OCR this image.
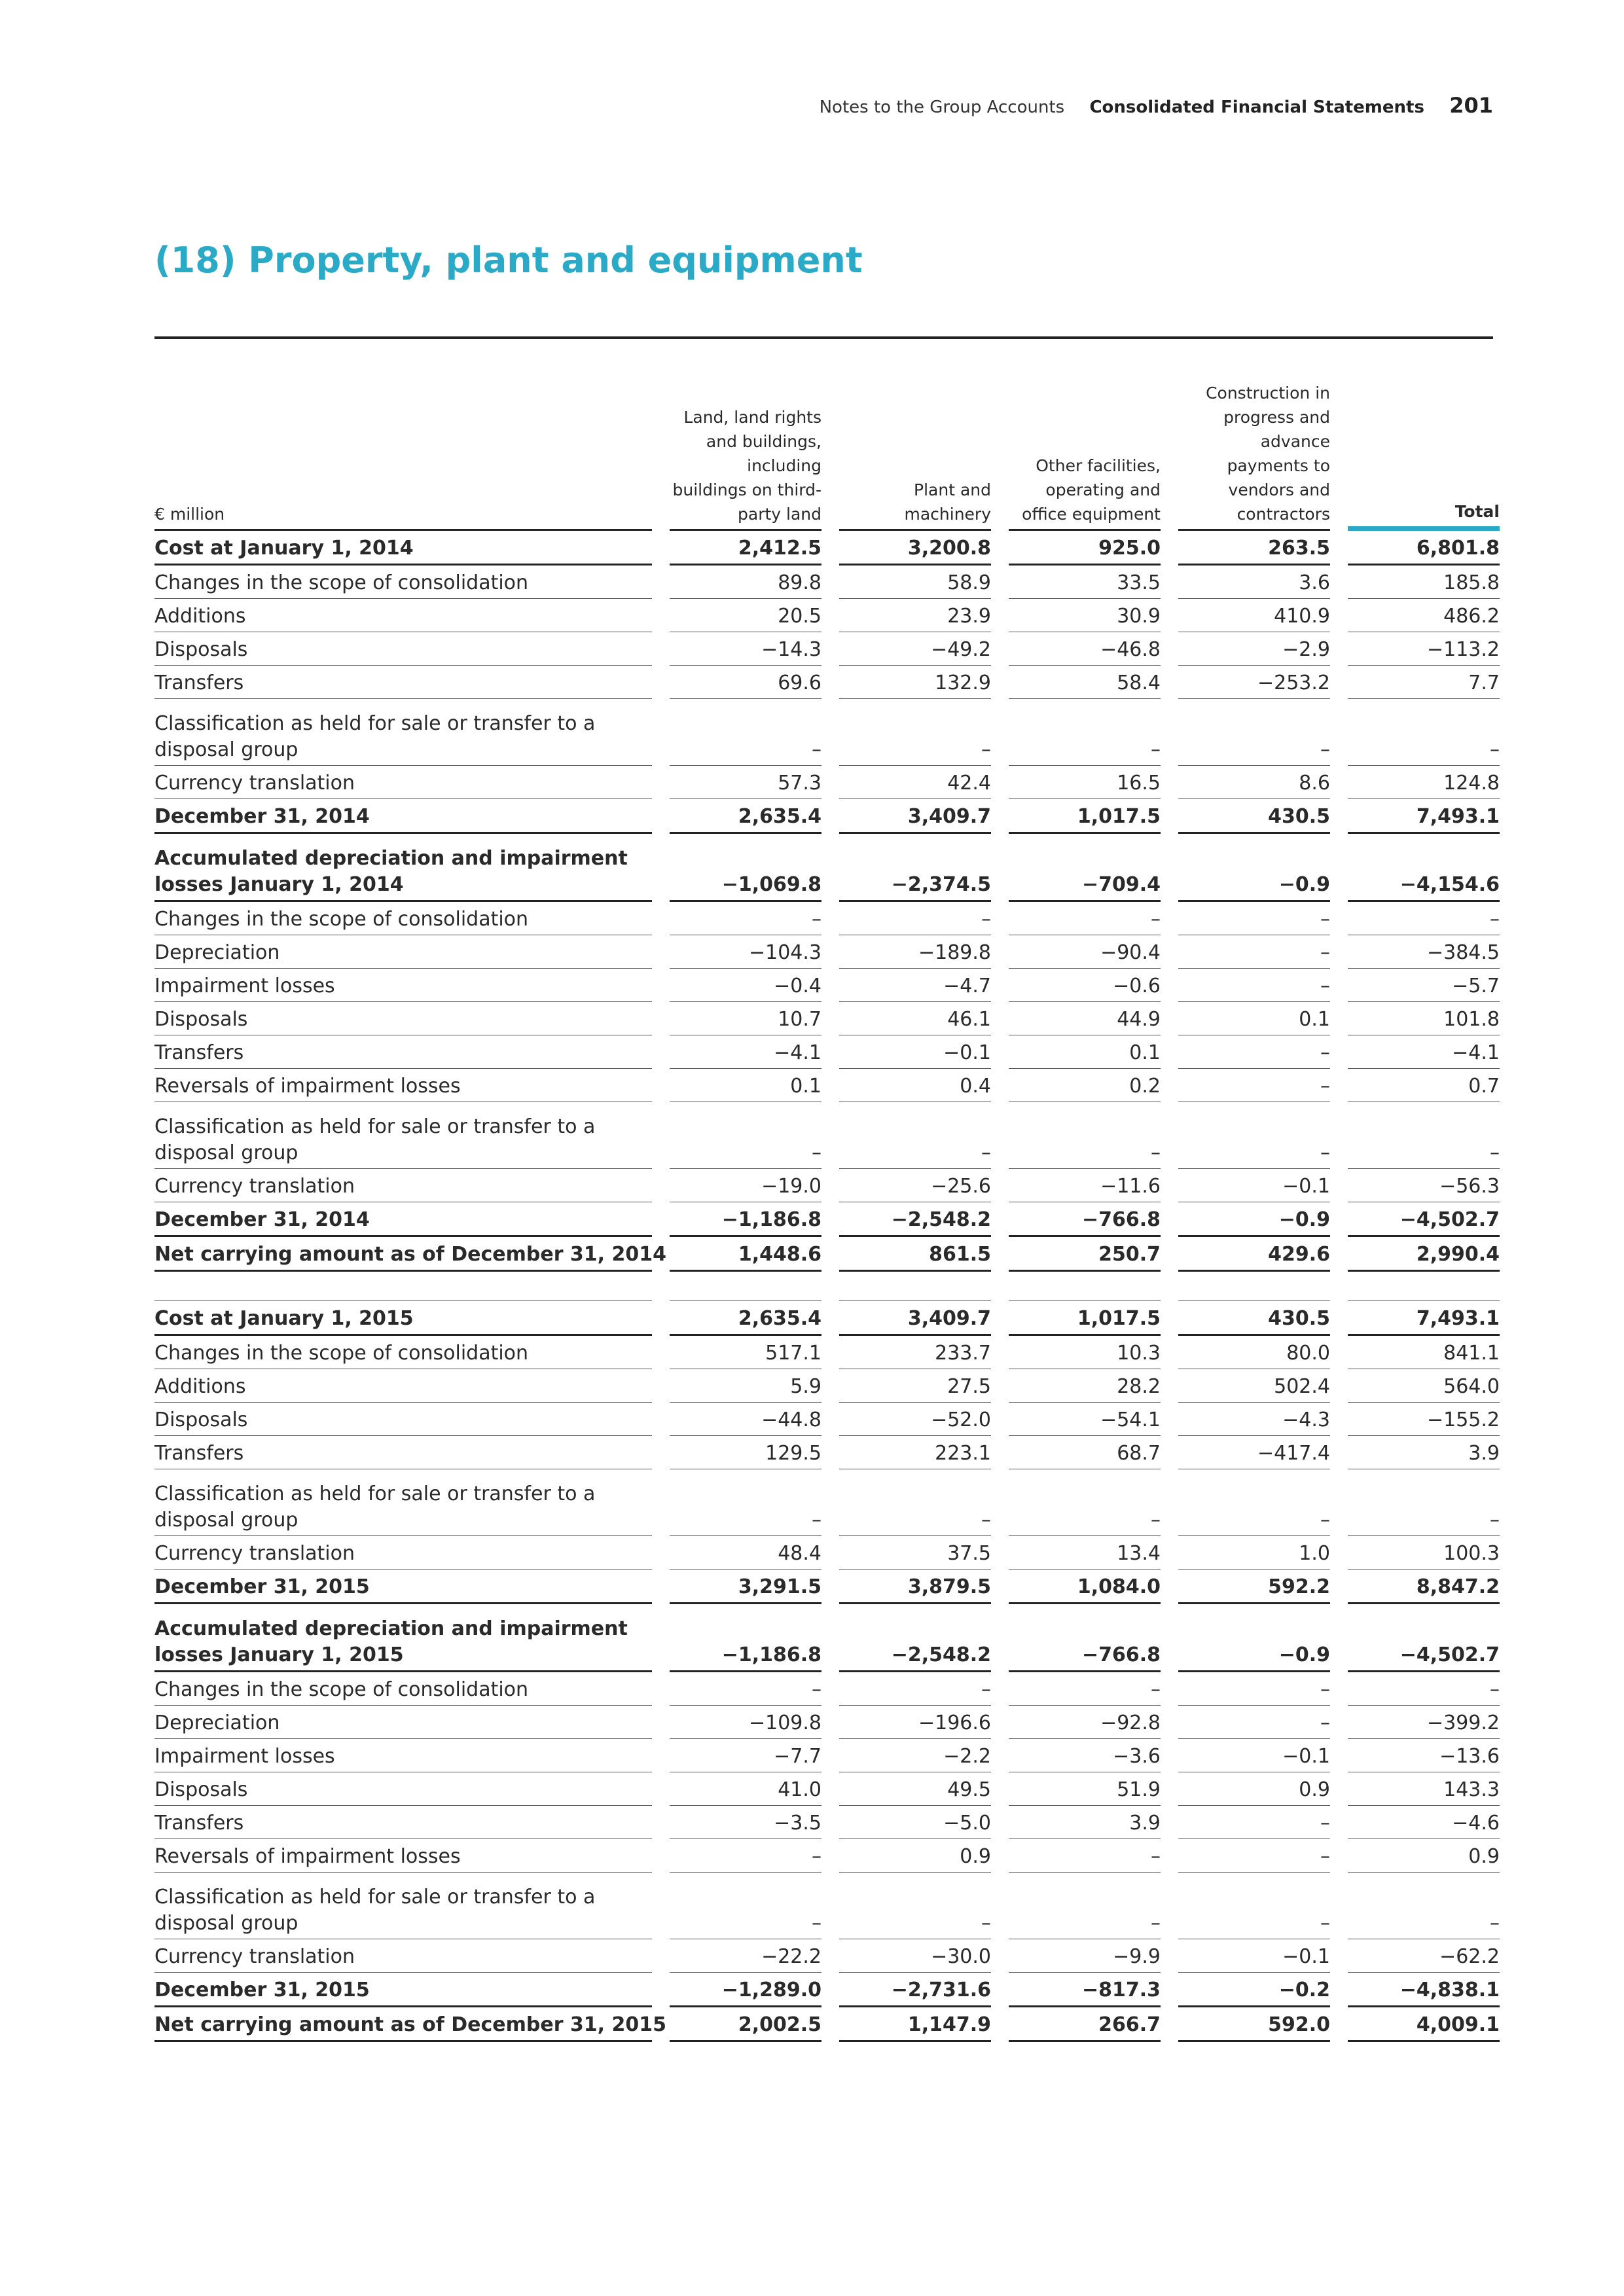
Notes to the Group Accounts Consolidated Financial Statements 201
(18) Property, plant and equipment
€ million		Land, land rights and buildings, including buildings on third-party land		Plant and machinery		Other facilities, operating and office equipment		Construction in progress and advance payments to vendors and contractors		Total
Cost at January 1, 2014		2,412.5		3,200.8		925.0		263.5		6,801.8
Changes in the scope of consolidation		89.8		58.9		33.5		3.6		185.8
Additions		20.5		23.9		30.9		410.9		486.2
Disposals		−14.3		−49.2		−46.8		−2.9		−113.2
Transfers		69.6		132.9		58.4		−253.2		7.7
Classification as held for sale or transfer to a disposal group		–		–		–		–		–
Currency translation		57.3		42.4		16.5		8.6		124.8
December 31, 2014		2,635.4		3,409.7		1,017.5		430.5		7,493.1
Accumulated depreciation and impairment losses January 1, 2014		−1,069.8		−2,374.5		−709.4		−0.9		−4,154.6
Changes in the scope of consolidation		–		–		–		–		–
Depreciation		−104.3		−189.8		−90.4		–		−384.5
Impairment losses		−0.4		−4.7		−0.6		–		−5.7
Disposals		10.7		46.1		44.9		0.1		101.8
Transfers		−4.1		−0.1		0.1		–		−4.1
Reversals of impairment losses		0.1		0.4		0.2		–		0.7
Classification as held for sale or transfer to a disposal group		–		–		–		–		–
Currency translation		−19.0		−25.6		−11.6		−0.1		−56.3
December 31, 2014		−1,186.8		−2,548.2		−766.8		−0.9		−4,502.7
Net carrying amount as of December 31, 2014		1,448.6		861.5		250.7		429.6		2,990.4

Cost at January 1, 2015		2,635.4		3,409.7		1,017.5		430.5		7,493.1
Changes in the scope of consolidation		517.1		233.7		10.3		80.0		841.1
Additions		5.9		27.5		28.2		502.4		564.0
Disposals		−44.8		−52.0		−54.1		−4.3		−155.2
Transfers		129.5		223.1		68.7		−417.4		3.9
Classification as held for sale or transfer to a disposal group		–		–		–		–		–
Currency translation		48.4		37.5		13.4		1.0		100.3
December 31, 2015		3,291.5		3,879.5		1,084.0		592.2		8,847.2
Accumulated depreciation and impairment losses January 1, 2015		−1,186.8		−2,548.2		−766.8		−0.9		−4,502.7
Changes in the scope of consolidation		–		–		–		–		–
Depreciation		−109.8		−196.6		−92.8		–		−399.2
Impairment losses		−7.7		−2.2		−3.6		−0.1		−13.6
Disposals		41.0		49.5		51.9		0.9		143.3
Transfers		−3.5		−5.0		3.9		–		−4.6
Reversals of impairment losses		–		0.9		–		–		0.9
Classification as held for sale or transfer to a disposal group		–		–		–		–		–
Currency translation		−22.2		−30.0		−9.9		−0.1		−62.2
December 31, 2015		−1,289.0		−2,731.6		−817.3		−0.2		−4,838.1
Net carrying amount as of December 31, 2015		2,002.5		1,147.9		266.7		592.0		4,009.1
